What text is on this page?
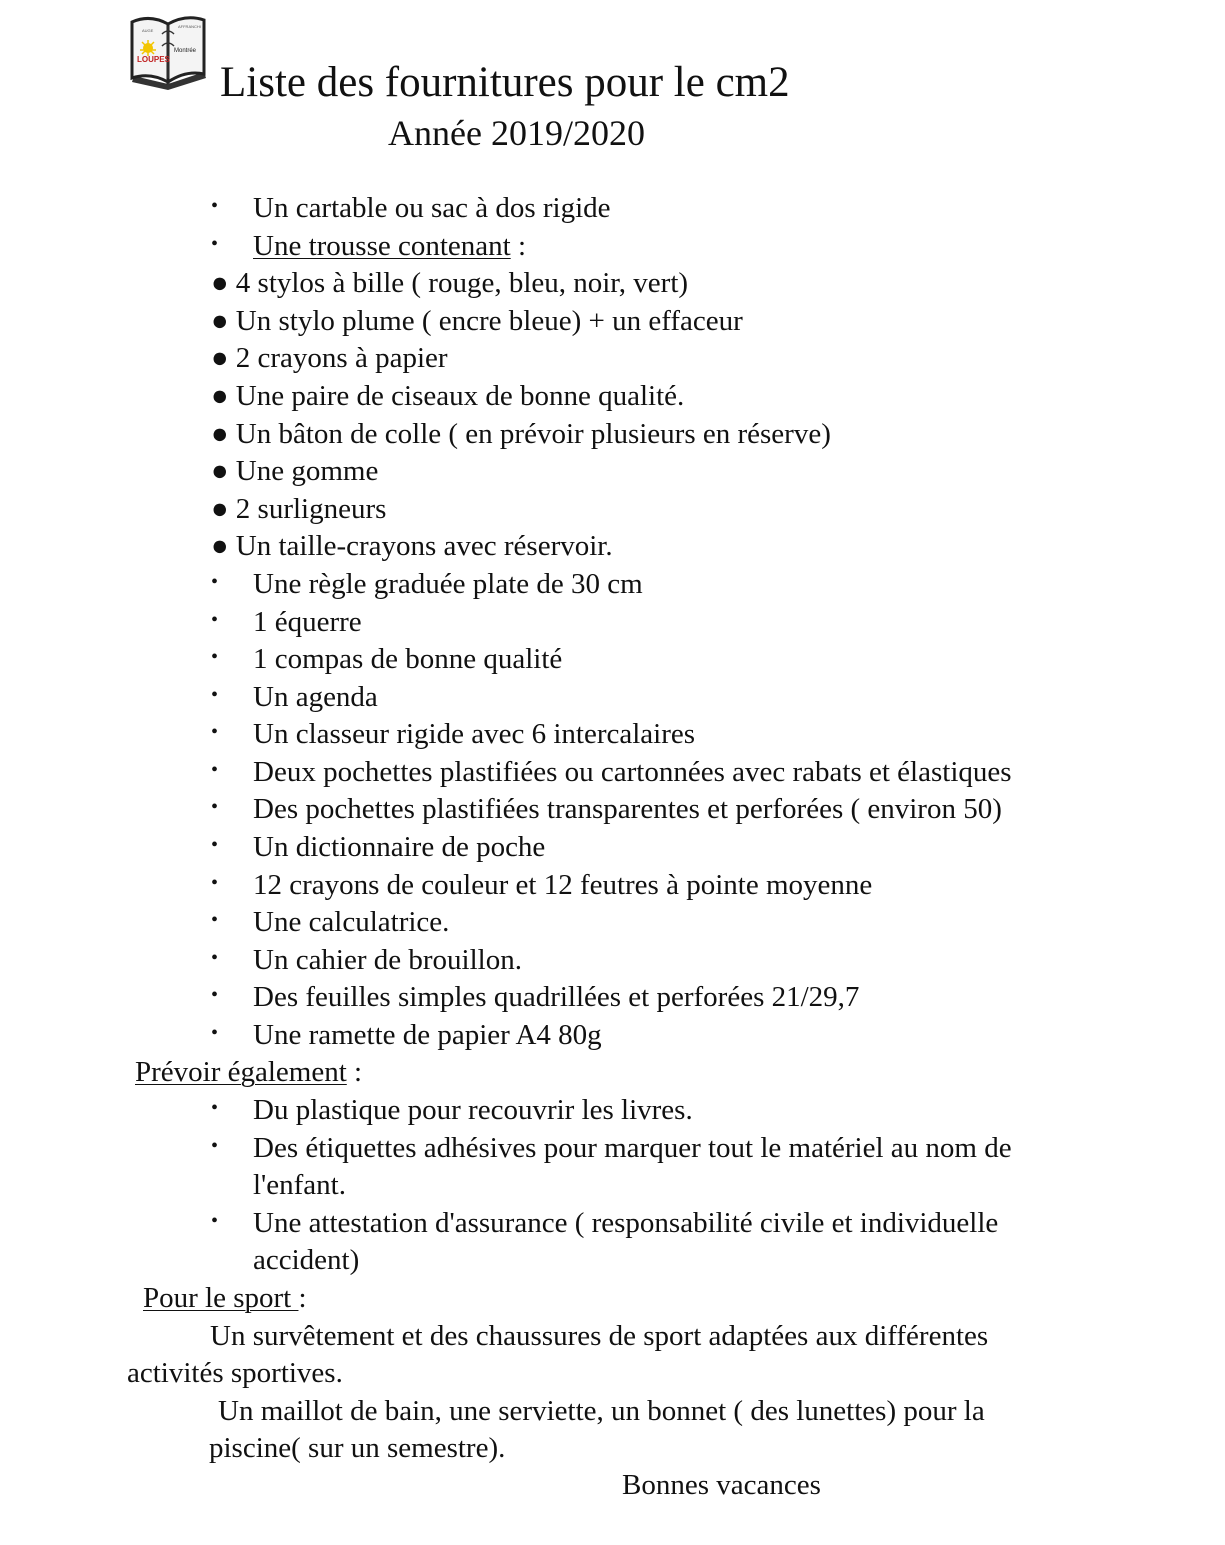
LOUPES
Montrée
AUGE
AFFRANCHI
Liste des fournitures pour le cm2
Année 2019/2020
• Un cartable ou sac à dos rigide
• Une trousse contenant :
● 4 stylos à bille ( rouge, bleu, noir, vert)
● Un stylo plume ( encre bleue) + un effaceur
● 2 crayons à papier
● Une paire de ciseaux de bonne qualité.
● Un bâton de colle ( en prévoir plusieurs en réserve)
● Une gomme
● 2 surligneurs
● Un taille-crayons avec réservoir.
• Une règle graduée plate de 30 cm
• 1 équerre
• 1 compas de bonne qualité
• Un agenda
• Un classeur rigide avec 6 intercalaires
• Deux pochettes plastifiées ou cartonnées avec rabats et élastiques
• Des pochettes plastifiées transparentes et perforées ( environ 50)
• Un dictionnaire de poche
• 12 crayons de couleur et 12 feutres à pointe moyenne
• Une calculatrice.
• Un cahier de brouillon.
• Des feuilles simples quadrillées et perforées 21/29,7
• Une ramette de papier A4 80g
Prévoir également :
• Du plastique pour recouvrir les livres.
• Des étiquettes adhésives pour marquer tout le matériel au nom de
l'enfant.
• Une attestation d'assurance ( responsabilité civile et individuelle
accident)
Pour le sport :
Un survêtement et des chaussures de sport adaptées aux différentes
activités sportives.
Un maillot de bain, une serviette, un bonnet ( des lunettes) pour la
piscine( sur un semestre).
Bonnes vacances
